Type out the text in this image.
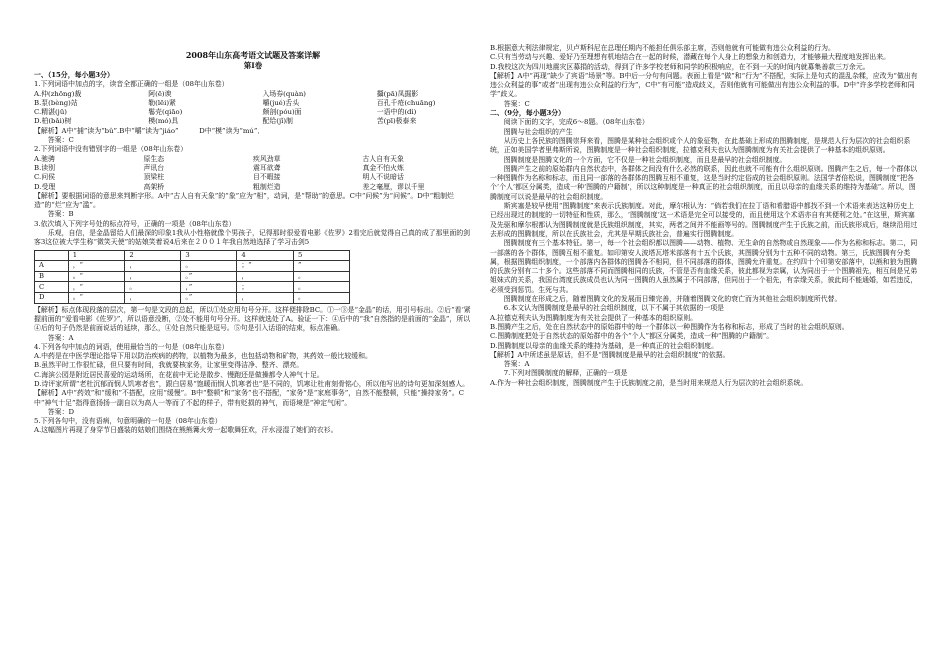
2008年山东高考语文试题及答案详解
第Ⅰ卷

一、（15分，每小题3分）

1.下列词语中加点的字，读音全都正确的一组是（08年山东卷）

A.仲(zhōng)裁	阿(ē)谀	入场券(quàn)	攝(pā)凤掘影
B.泵(bèng)站	勒(lēi)紧	嚼(jué)舌头	百孔千疮(chuāng)
C.精湛(jū)	鬈壳(qiāo)	颇剖(póu)面	一语中的(dì)
D.柏(bǎi)树	模(mó)具	配给(jǐ)制	苦(pī)极泰来

【解析】A中“捕”读为“bǔ”.B中“嚼”读为“jiáo”　　　D中“模”读为“mú”．

答案：C

2.下列词语中没有错别字的一组是（08年山东卷）

A.驰骋	原生态	疾风劲草	古人自有天象
B.读别	声讯台	震耳欲聋	真金不怕火炼
C.问侯	顶梁柱	目不暇接	明人不说暗话
D.受理	高架桥	粗制烂造	差之毫厘，谬以千里

【解析】要根据词语的意思来判断字形。A中“古人自有天象”的“象”应为“相”，动词，是“帮助”的意思。C中“问候”为“问候”。D中“粗制烂造”的“烂”应为“滥”。

答案：B

3.依次填入下列字号处的标点符号，正确的一项是（08年山东卷）

乐观，自信，是金晶留给人们最深的印象1我从小性格就像个男孩子，记得那时很爱看电影《佐罗》2看完后就觉得自己真的成了那里面的剑客3这位被大学生称“微笑天使”的姑娘笑着说4后来在２００１年我自然地选择了学习击剑5

	1	2	3	4	5
A	，“	，	。	；“	”
B	。“	，	。”	，	。
C	，“	。	，”	；	。
D	。“	，	。”	，	。

【解析】标点体现段落的层次，第一句是文段的总起，所以①处应用句号分开。这样便排除BC。①一③是“金晶”的话，用引号标出。②后“看‘紧握前面的“爱看电影《佐罗》”，所以语意没断，②处不能用句号分开。这样就选处了A。验证一下：④后中的“我”自然指的是前面的“金晶”，所以④后的句子仍然是前面说话的延续，那么，④处自然只能是逗号。⑤句是引入话语的结束，标点准确。

答案：A

4.下列各句中加点的词语，使用最恰当的一句是（08年山东卷）

A.中药是在中医学理论指导下用以防治疾病的药物，以植物为最多，也包括动物和矿物，其药效一般比较缓和。

B.虽然平时工作很忙碌，但只要有时间，我就要核家务，让家里变得洁净、整齐、漂亮。

C.海滨公园是附近居民喜爱的运动场所，在花前中无论是散步、慢跑还是做操都令人神气十足。

D.诗评家所谓“老杜沉郁而悯人饥寒者也”，跟白居易“饱暖而悯人饥寒者也”是不同的，饥寒让杜甫刻骨铭心，所以他写出的诗句更加深刻感人。

【解析】A中“药效”和“缓和”不搭配，应用“缓慢”。B中“整顿”和“家务”也不搭配，“家务”是“家庭事务”，自然不能整顿，只能“操持家务”。C中“神气十足”指得意扬扬一副自以为高人一等而了不起的样子，带有贬损的神气，而语境是“神定气闲”。

答案：D

5.下列各句中，没有语病，句意明确的一句是（08年山东卷）

A.这幅图片再现了身穿节日盛装的姑娘们围绕在熊熊篝火旁一起歌舞狂欢，汗水浸湿了她们的衣衫。

B.根据意大利法律规定，贝卢斯科尼在总理任期内不能担任俱乐部主席，否则他就有可能做有违公众利益的行为。

C.只有当劳动与兴趣、爱好乃至理想有机地结合在一起的时候，潜藏在每个人身上的想象力和创造力，才能够最大程度地发挥出来。

D.我校这次为四川地震灾区募捐的活动，得到了许多学校老师和同学的积极响应，在不到一天的时间内就募集善款三万余元。

【解析】A中“再现”缺少了宾语“场景”等。B中后一分句有问题。表面上看是“做”和“行为”不搭配，实际上是句式的混乱杂糅，应改为“做出有违公众利益的事”或者“出现有违公众利益的行为”，C中“有可能”造成歧义，否则他就有可能做出有违公众利益的事。D中“许多学校老师和同学”歧义。

答案：C

二、（9分，每小题3分）

阅读下面的文字，完成6～8题。（08年山东卷）

图腾与社会组织的产生

从历史上各民族的图腾崇拜来看，图腾是某种社会组织或个人的象征物，在此基础上形成的图腾制度，是规范人行为层次的社会组织系统，正如美国学者里弗斯所说，图腾制度是一种社会组织制度，拉德克利夫也认为图腾制度为有关社会提供了一种基本的组织原则。

图腾制度是图腾文化的一个方面，它不仅是一种社会组织制度，而且是最早的社会组织制度。

图腾产生之前的原始群内自然状态中，各群体之间没有什么必然的联系，因此也就不可能有什么组织原则。图腾产生之后，每一个群体以一种图腾作为名称和标志，而且同一部落的各群体的图腾互相不重复，这是当时约定俗成的社会组织原则。法国学者倍松说，图腾制度“把各个‘个人’都区分属类，造成一种‘图腾的户籍制’，所以这种制度是一种真正的社会组织制度，而且以母亲的血缘关系的维持为基础”。所以，图腾制度可以说是最早的社会组织制度。

斯宾塞是较早使用“图腾制度”来表示氏族制度。对此，摩尔根认为：“倘若我们在拉丁语和希腊语中都找不到一个术语来表达这种历史上已经出现过的制度的一切特征和性质，那么，‘图腾制度’这一术语是完全可以接受的，而且使用这个术语亦自有其便利之处。”在这里，斯宾塞及先驱和摩尔根都认为图腾制度就是氏族组织制度，其实，两者之间并不能画等号的。图腾制度产生于氏族之前，而氏族形成后，继续沿用过去形成的图腾制度，所以在氏族社会，尤其是早期氏族社会，普遍实行图腾制度。

图腾制度有三个基本特征。第一，每一个社会组织都以图腾——动物、植物、无生命的自然物或自然现象——作为名称和标志。第二，同一部落的各个群体，图腾互相不重复。如印第安人波塔瓦塔米部落有十五个氏族，其图腾分别为十五种不同的动物。第三，氏族图腾有分类属，根据图腾组织制度，一个部落内各群体的图腾各不相同，但不同部落的群体，图腾允许重复。在约四十个印第安部落中，以熊和狼为图腾的氏族分别有二十多个。这些部落不同而图腾相同的氏族，不管是否有血缘关系，彼此都视为亲属，认为同出于一个图腾祖先，相互间是兄弟姐妹式的关系，我国台湾度氏族成员也认为同一图腾的人虽然属于不同部落，但同出于一个祖先，有亲缘关系，彼此间不能通婚，如若违反，必须受到惩罚。生死与共。

图腾制度在形成之后，随着图腾文化的发展而日臻完善，并随着图腾文化的衰亡而为其他社会组织制度所代替。

6.本文认为图腾制度是最早的社会组织制度，以下不属于其依据的一项是

A.拉德克利夫认为图腾制度为有关社会提供了一种基本的组织原则。

B.图腾产生之后，处在自然状态中的原始群中的每一个群体以一种图腾作为名称和标志，形成了当时的社会组织原则。

C.图腾制度把处于自然状态的原始群中的各个“个人”都区分属类，造成一种“图腾的户籍制”。

D.图腾制度以母亲的血缘关系的维持为基础，是一种真正的社会组织制度。

【解析】A中所述虽是原话，但不是“图腾制度是最早的社会组织制度”的依据。

答案：A

7.下列对图腾制度的解释，正确的一项是

A.作为一种社会组织制度，图腾制度产生于氏族制度之前，是当时用来规范人行为层次的社会组织系统。
